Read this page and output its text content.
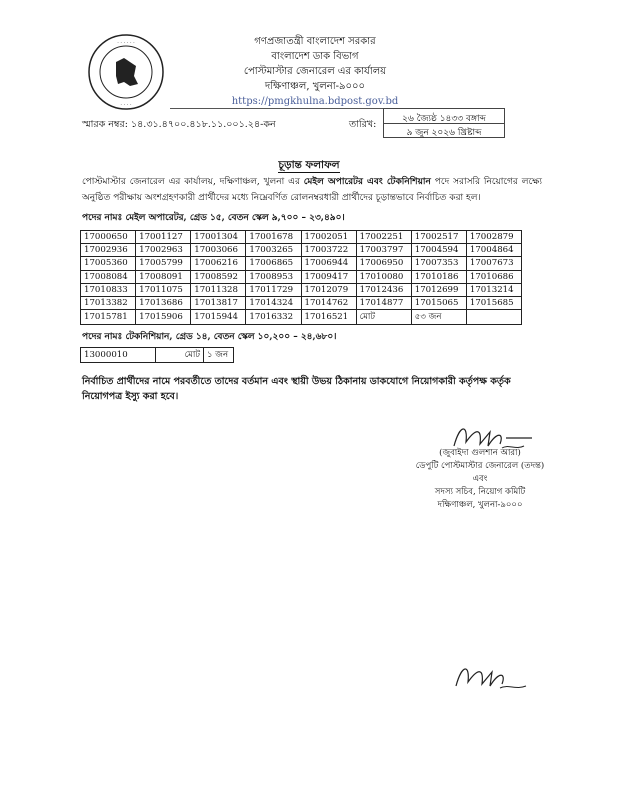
· · · · · ·
· · · ·
গণপ্রজাতন্ত্রী বাংলাদেশ সরকার
বাংলাদেশ ডাক বিভাগ
পোস্টমাস্টার জেনারেল এর কার্যালয়
দক্ষিণাঞ্চল, খুলনা-৯০০০
https://pmgkhulna.bdpost.gov.bd
স্মারক নম্বর: ১৪.৩১.৪৭০০.৪১৮.১১.০০১.২৪-কন	তারিখ:	২৬ জ্যৈষ্ঠ ১৪৩৩ বঙ্গাব্দ
৯ জুন ২০২৬ খ্রিষ্টাব্দ
চূড়ান্ত ফলাফল
পোস্টমাস্টার জেনারেল এর কার্যালয়, দক্ষিণাঞ্চল, খুলনা এর মেইল অপারেটর এবং টেকনিশিয়ান পদে সরাসরি নিয়োগের লক্ষ্যে অনুষ্ঠিত পরীক্ষায় অংশগ্রহণকারী প্রার্থীদের মধ্যে নিম্নেবর্ণিত রোলনম্বরধারী প্রার্থীদের চূড়ান্তভাবে নির্বাচিত করা হল।
পদের নামঃ মেইল অপারেটর, গ্রেড ১৫, বেতন স্কেল ৯,৭০০ – ২৩,৪৯০।
17000650	17001127	17001304	17001678	17002051	17002251	17002517	17002879
17002936	17002963	17003066	17003265	17003722	17003797	17004594	17004864
17005360	17005799	17006216	17006865	17006944	17006950	17007353	17007673
17008084	17008091	17008592	17008953	17009417	17010080	17010186	17010686
17010833	17011075	17011328	17011729	17012079	17012436	17012699	17013214
17013382	17013686	17013817	17014324	17014762	17014877	17015065	17015685
17015781	17015906	17015944	17016332	17016521	মোট	৫৩ জন	
পদের নামঃ টেকনিশিয়ান, গ্রেড ১৪, বেতন স্কেল ১০,২০০ – ২৪,৬৮০।
13000010	মোট	১ জন
নির্বাচিত প্রার্থীদের নামে পরবর্তীতে তাদের বর্তমান এবং স্থায়ী উভয় ঠিকানায় ডাকযোগে নিয়োগকারী কর্তৃপক্ষ কর্তৃক নিয়োগপত্র ইস্যু করা হবে।
(জুবাইদা গুলশান আরা)
ডেপুটি পোস্টমাস্টার জেনারেল (তদন্ত)
এবং
সদস্য সচিব, নিয়োগ কমিটি
দক্ষিণাঞ্চল, খুলনা-৯০০০
